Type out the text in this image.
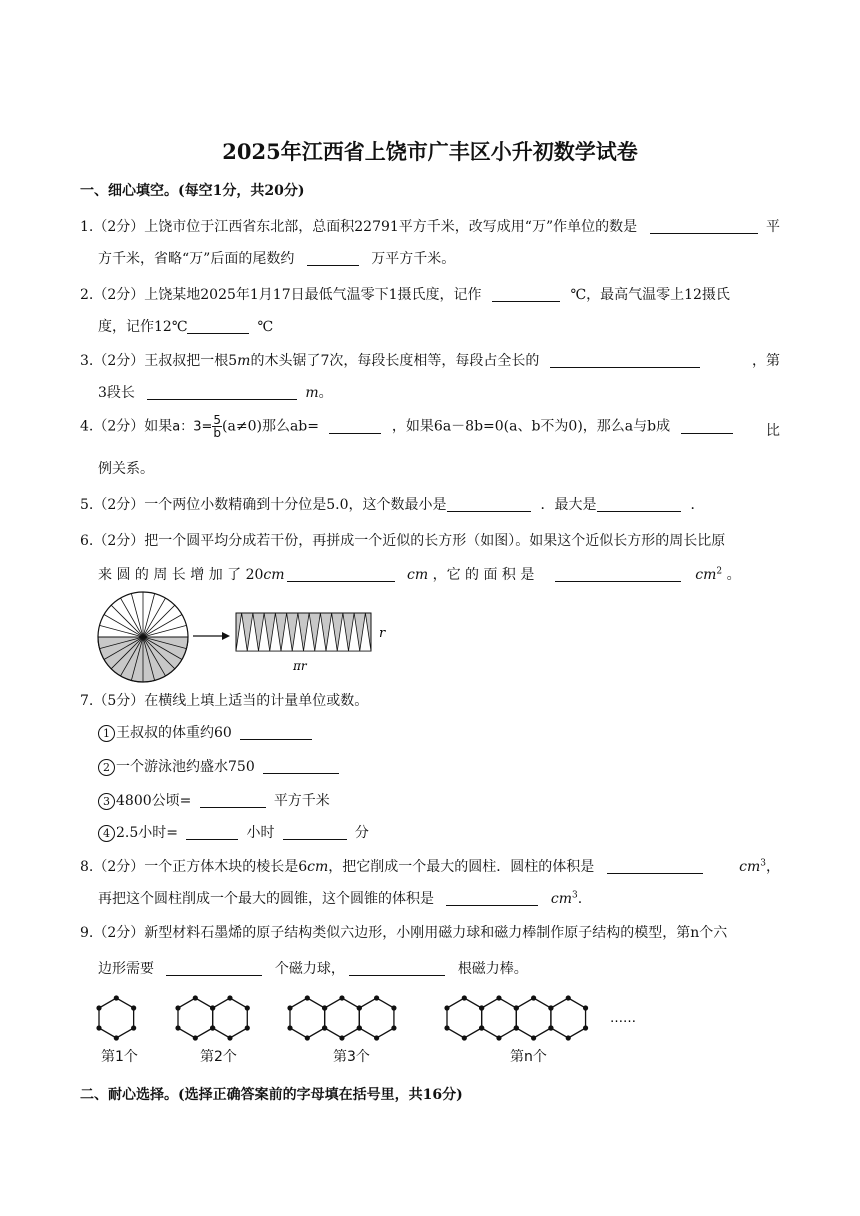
2025年江西省上饶市广丰区小升初数学试卷
一、细心填空。(每空1分，共20分)
1.（2分）上饶市位于江西省东北部，总面积22791平方千米，改写成用“万”作单位的数是	平
方千米，省略“万”后面的尾数约	万平方千米。
2.（2分）上饶某地2025年1月17日最低气温零下1摄氏度，记作	℃，最高气温零上12摄氏
度，记作12℃	℃
3.（2分）王叔叔把一根5m的木头锯了7次，每段长度相等，每段占全长的	，第
3段长	m。
4.（2分）如果a：$3= \frac{5}{b} (a\ne 0)$那么ab=	，如果6a－8b=0(a、b不为0)，那么a与b成	比
例关系。
5.（2分）一个两位小数精确到十分位是5.0，这个数最小是	．最大是	．
6.（2分）把一个圆平均分成若干份，再拼成一个近似的长方形（如图）。如果这个近似长方形的周长比原
来 圆 的 周 长 增 加 了 20cm	cm ，它 的 面 积 是	$cm^2$ 。
r
πr
7.（5分）在横线上填上适当的计量单位或数。
1 王叔叔的体重约60
2 一个游泳池约盛水750
3 4800公顷=	平方千米
4 2.5小时=	小时	分
8.（2分）一个正方体木块的棱长是6cm，把它削成一个最大的圆柱．圆柱的体积是	$cm^3$，
再把这个圆柱削成一个最大的圆锥，这个圆锥的体积是	$cm^3$.
9.（2分）新型材料石墨烯的原子结构类似六边形，小刚用磁力球和磁力棒制作原子结构的模型，第n个六
边形需要	个磁力球，	根磁力棒。
……
第1个	第2个	第3个	第n个
二、耐心选择。(选择正确答案前的字母填在括号里，共16分)
